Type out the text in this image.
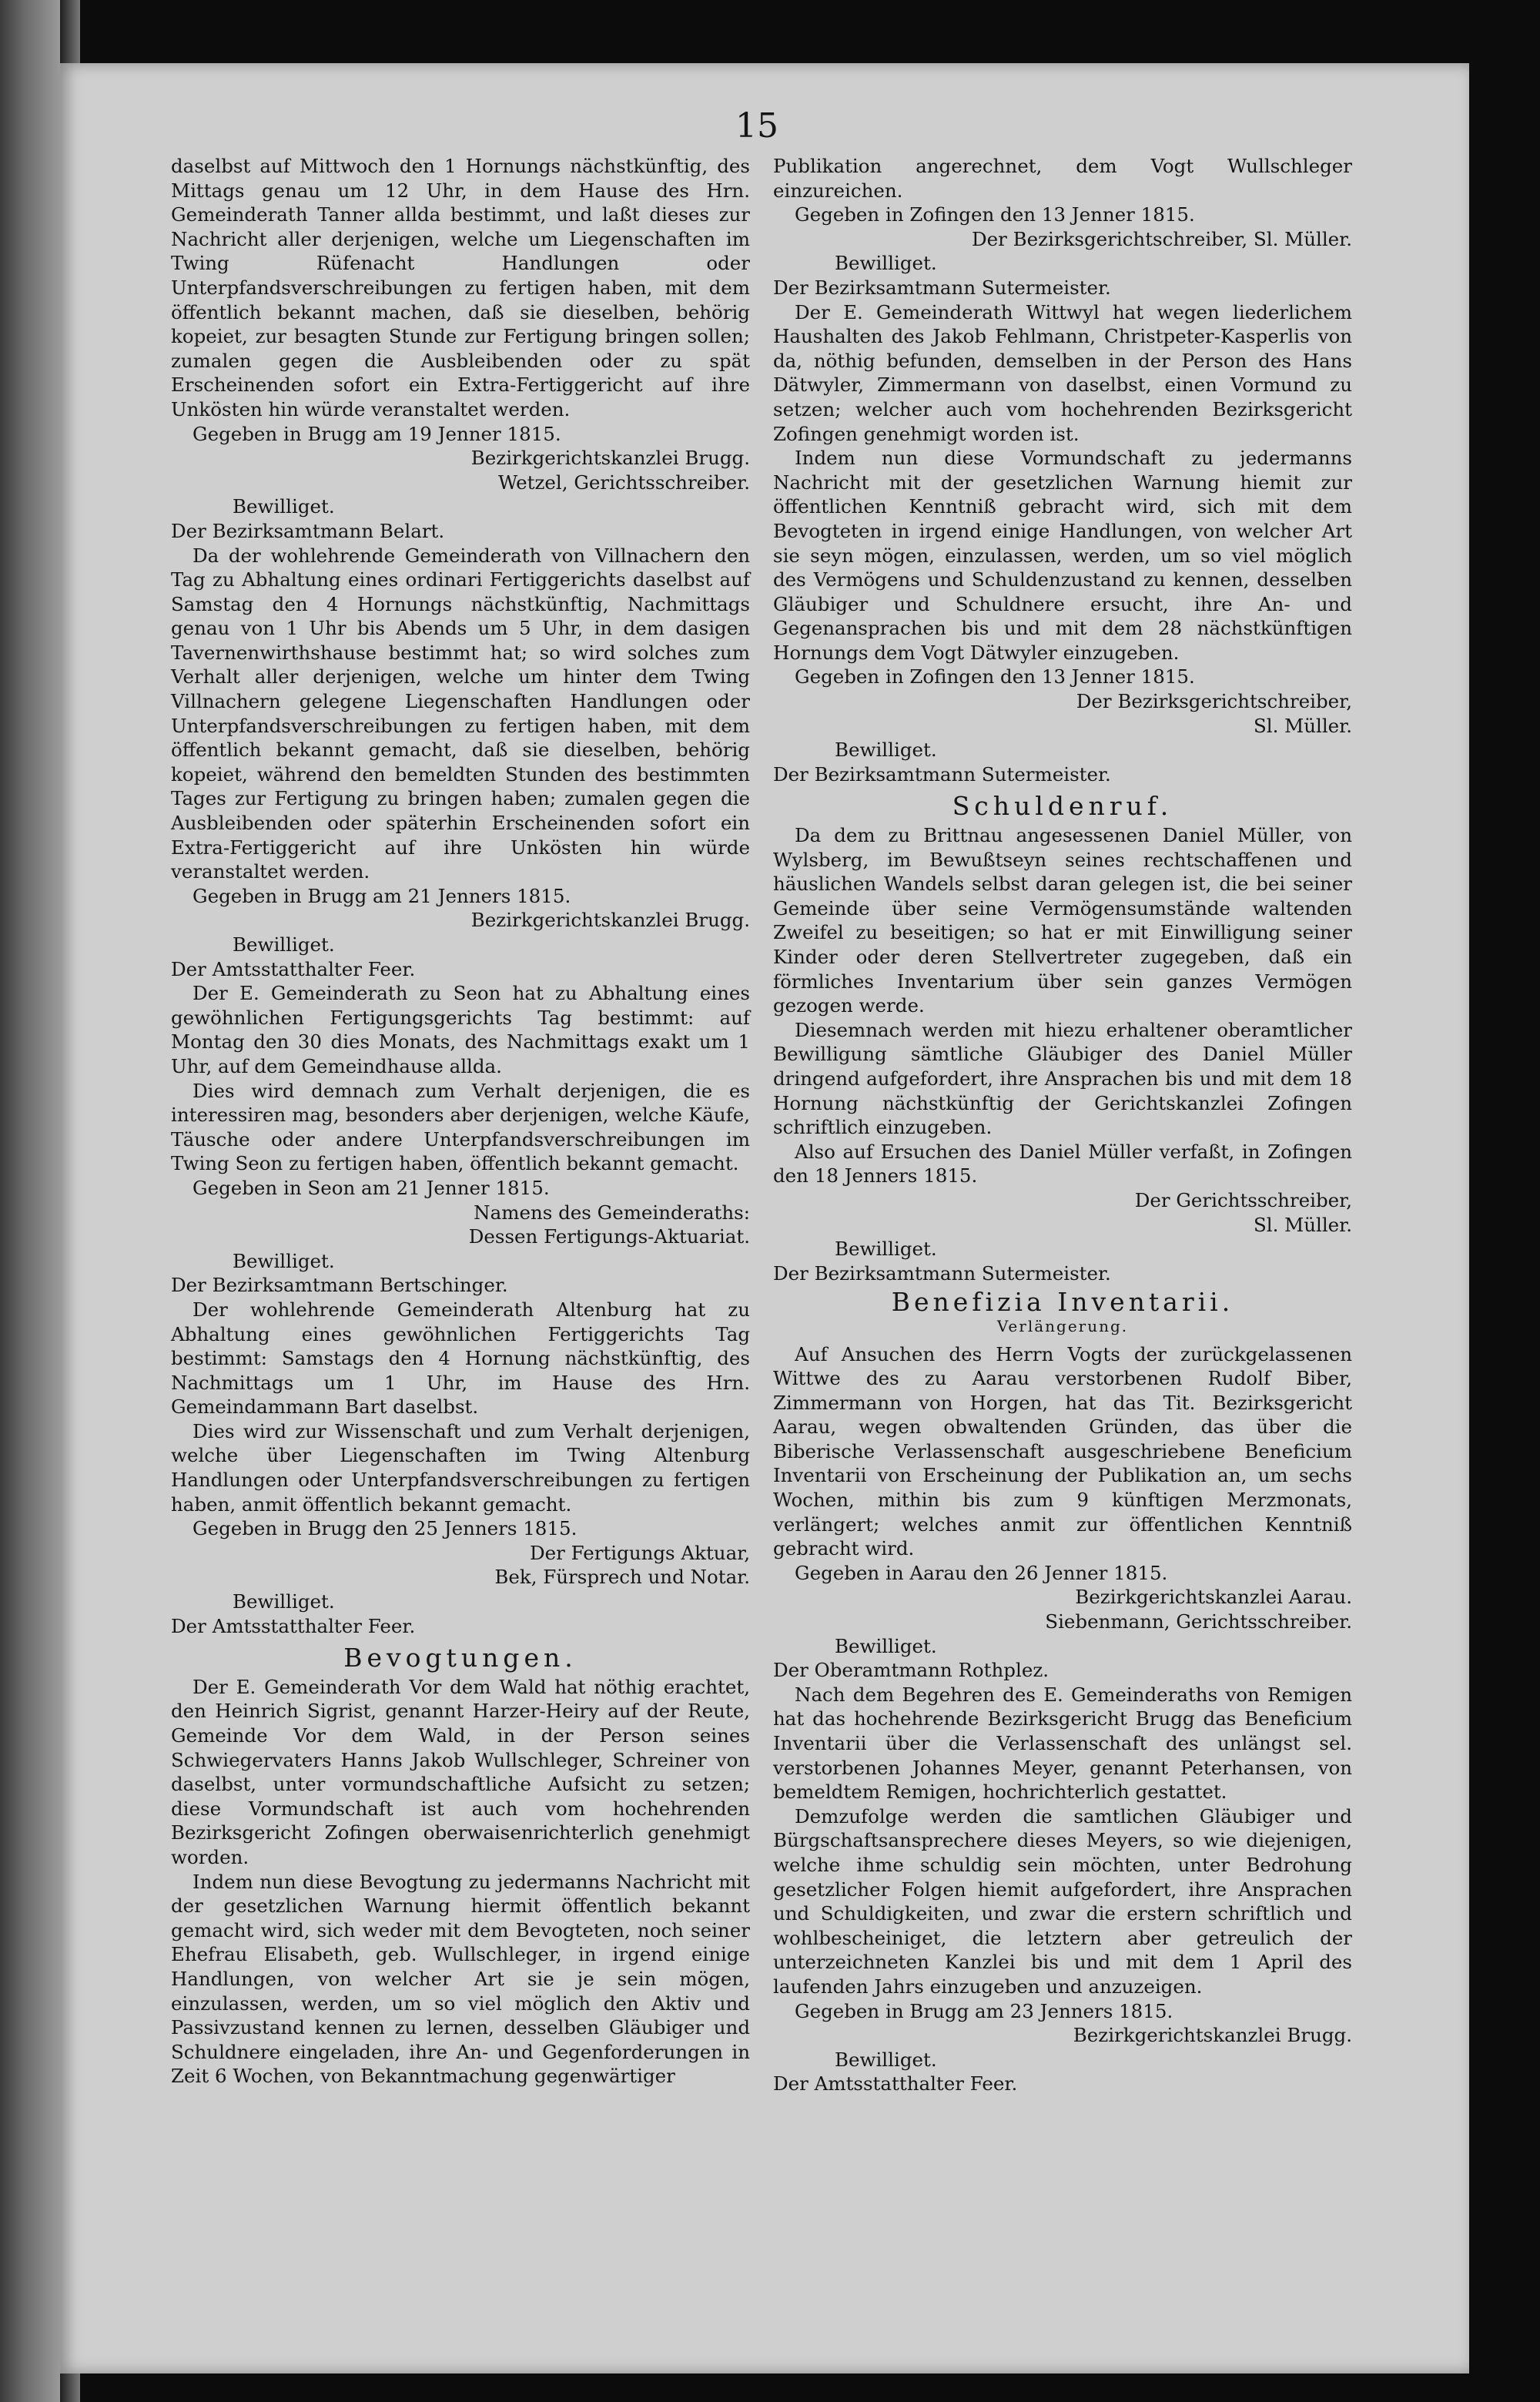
15

daselbst auf Mittwoch den 1 Hornungs nächstkünftig, des Mittags genau um 12 Uhr, in dem Hause des Hrn. Gemeinderath Tanner allda bestimmt, und laßt dieses zur Nachricht aller derjenigen, welche um Liegenschaften im Twing Rüfenacht Handlungen oder Unterpfandsverschreibungen zu fertigen haben, mit dem öffentlich bekannt machen, daß sie dieselben, behörig kopeiet, zur besagten Stunde zur Fertigung bringen sollen; zumalen gegen die Ausbleibenden oder zu spät Erscheinenden sofort ein Extra-Fertiggericht auf ihre Unkösten hin würde veranstaltet werden.

Gegeben in Brugg am 19 Jenner 1815.
Bezirkgerichtskanzlei Brugg.
Wetzel, Gerichtsschreiber.
Bewilliget.
Der Bezirksamtmann Belart.

Da der wohlehrende Gemeinderath von Villnachern den Tag zu Abhaltung eines ordinari Fertiggerichts daselbst auf Samstag den 4 Hornungs nächstkünftig, Nachmittags genau von 1 Uhr bis Abends um 5 Uhr, in dem dasigen Tavernenwirthshause bestimmt hat; so wird solches zum Verhalt aller derjenigen, welche um hinter dem Twing Villnachern gelegene Liegenschaften Handlungen oder Unterpfandsverschreibungen zu fertigen haben, mit dem öffentlich bekannt gemacht, daß sie dieselben, behörig kopeiet, während den bemeldten Stunden des bestimmten Tages zur Fertigung zu bringen haben; zumalen gegen die Ausbleibenden oder späterhin Erscheinenden sofort ein Extra-Fertiggericht auf ihre Unkösten hin würde veranstaltet werden.

Gegeben in Brugg am 21 Jenners 1815.
Bezirkgerichtskanzlei Brugg.
Bewilliget.
Der Amtsstatthalter Feer.

Der E. Gemeinderath zu Seon hat zu Abhaltung eines gewöhnlichen Fertigungsgerichts Tag bestimmt: auf Montag den 30 dies Monats, des Nachmittags exakt um 1 Uhr, auf dem Gemeindhause allda.

Dies wird demnach zum Verhalt derjenigen, die es interessiren mag, besonders aber derjenigen, welche Käufe, Täusche oder andere Unterpfandsverschreibungen im Twing Seon zu fertigen haben, öffentlich bekannt gemacht.

Gegeben in Seon am 21 Jenner 1815.
Namens des Gemeinderaths:
Dessen Fertigungs-Aktuariat.
Bewilliget.
Der Bezirksamtmann Bertschinger.

Der wohlehrende Gemeinderath Altenburg hat zu Abhaltung eines gewöhnlichen Fertiggerichts Tag bestimmt: Samstags den 4 Hornung nächstkünftig, des Nachmittags um 1 Uhr, im Hause des Hrn. Gemeindammann Bart daselbst.

Dies wird zur Wissenschaft und zum Verhalt derjenigen, welche über Liegenschaften im Twing Altenburg Handlungen oder Unterpfandsverschreibungen zu fertigen haben, anmit öffentlich bekannt gemacht.

Gegeben in Brugg den 25 Jenners 1815.
Der Fertigungs Aktuar,
Bek, Fürsprech und Notar.
Bewilliget.
Der Amtsstatthalter Feer.
Bevogtungen.

Der E. Gemeinderath Vor dem Wald hat nöthig erachtet, den Heinrich Sigrist, genannt Harzer-Heiry auf der Reute, Gemeinde Vor dem Wald, in der Person seines Schwiegervaters Hanns Jakob Wullschleger, Schreiner von daselbst, unter vormundschaftliche Aufsicht zu setzen; diese Vormundschaft ist auch vom hochehrenden Bezirksgericht Zofingen oberwaisenrichterlich genehmigt worden.

Indem nun diese Bevogtung zu jedermanns Nachricht mit der gesetzlichen Warnung hiermit öffentlich bekannt gemacht wird, sich weder mit dem Bevogteten, noch seiner Ehefrau Elisabeth, geb. Wullschleger, in irgend einige Handlungen, von welcher Art sie je sein mögen, einzulassen, werden, um so viel möglich den Aktiv und Passivzustand kennen zu lernen, desselben Gläubiger und Schuldnere eingeladen, ihre An- und Gegenforderungen in Zeit 6 Wochen, von Bekanntmachung gegenwärtiger

Publikation angerechnet, dem Vogt Wullschleger einzureichen.

Gegeben in Zofingen den 13 Jenner 1815.
Der Bezirksgerichtschreiber, Sl. Müller.
Bewilliget.
Der Bezirksamtmann Sutermeister.

Der E. Gemeinderath Wittwyl hat wegen liederlichem Haushalten des Jakob Fehlmann, Christpeter-Kasperlis von da, nöthig befunden, demselben in der Person des Hans Dätwyler, Zimmermann von daselbst, einen Vormund zu setzen; welcher auch vom hochehrenden Bezirksgericht Zofingen genehmigt worden ist.

Indem nun diese Vormundschaft zu jedermanns Nachricht mit der gesetzlichen Warnung hiemit zur öffentlichen Kenntniß gebracht wird, sich mit dem Bevogteten in irgend einige Handlungen, von welcher Art sie seyn mögen, einzulassen, werden, um so viel möglich des Vermögens und Schuldenzustand zu kennen, desselben Gläubiger und Schuldnere ersucht, ihre An- und Gegenansprachen bis und mit dem 28 nächstkünftigen Hornungs dem Vogt Dätwyler einzugeben.

Gegeben in Zofingen den 13 Jenner 1815.
Der Bezirksgerichtschreiber,
Sl. Müller.
Bewilliget.
Der Bezirksamtmann Sutermeister.
Schuldenruf.

Da dem zu Brittnau angesessenen Daniel Müller, von Wylsberg, im Bewußtseyn seines rechtschaffenen und häuslichen Wandels selbst daran gelegen ist, die bei seiner Gemeinde über seine Vermögensumstände waltenden Zweifel zu beseitigen; so hat er mit Einwilligung seiner Kinder oder deren Stellvertreter zugegeben, daß ein förmliches Inventarium über sein ganzes Vermögen gezogen werde.

Diesemnach werden mit hiezu erhaltener oberamtlicher Bewilligung sämtliche Gläubiger des Daniel Müller dringend aufgefordert, ihre Ansprachen bis und mit dem 18 Hornung nächstkünftig der Gerichtskanzlei Zofingen schriftlich einzugeben.

Also auf Ersuchen des Daniel Müller verfaßt, in Zofingen den 18 Jenners 1815.

Der Gerichtsschreiber,
Sl. Müller.
Bewilliget.
Der Bezirksamtmann Sutermeister.
Benefizia Inventarii.
Verlängerung.

Auf Ansuchen des Herrn Vogts der zurückgelassenen Wittwe des zu Aarau verstorbenen Rudolf Biber, Zimmermann von Horgen, hat das Tit. Bezirksgericht Aarau, wegen obwaltenden Gründen, das über die Biberische Verlassenschaft ausgeschriebene Beneficium Inventarii von Erscheinung der Publikation an, um sechs Wochen, mithin bis zum 9 künftigen Merzmonats, verlängert; welches anmit zur öffentlichen Kenntniß gebracht wird.

Gegeben in Aarau den 26 Jenner 1815.
Bezirkgerichtskanzlei Aarau.
Siebenmann, Gerichtsschreiber.
Bewilliget.
Der Oberamtmann Rothplez.

Nach dem Begehren des E. Gemeinderaths von Remigen hat das hochehrende Bezirksgericht Brugg das Beneficium Inventarii über die Verlassenschaft des unlängst sel. verstorbenen Johannes Meyer, genannt Peterhansen, von bemeldtem Remigen, hochrichterlich gestattet.

Demzufolge werden die samtlichen Gläubiger und Bürgschaftsansprechere dieses Meyers, so wie diejenigen, welche ihme schuldig sein möchten, unter Bedrohung gesetzlicher Folgen hiemit aufgefordert, ihre Ansprachen und Schuldigkeiten, und zwar die erstern schriftlich und wohlbescheiniget, die letztern aber getreulich der unterzeichneten Kanzlei bis und mit dem 1 April des laufenden Jahrs einzugeben und anzuzeigen.

Gegeben in Brugg am 23 Jenners 1815.
Bezirkgerichtskanzlei Brugg.
Bewilliget.
Der Amtsstatthalter Feer.
